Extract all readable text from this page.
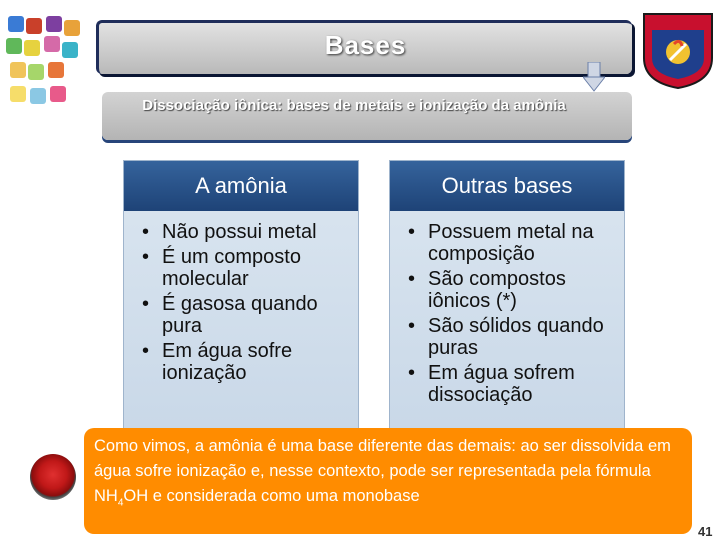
Bases
Dissociação iônica: bases de metais e ionização da amônia
A amônia
• Não possui metal
• É um composto molecular
• É gasosa quando pura
• Em água sofre ionização
Outras bases
• Possuem metal na composição
• São compostos iônicos (*)
• São sólidos quando puras
• Em água sofrem dissociação
Como vimos, a amônia é uma base diferente das demais: ao ser dissolvida em água sofre ionização e, nesse contexto, pode ser representada pela fórmula $NH_4OH$ e considerada como uma monobase
41
